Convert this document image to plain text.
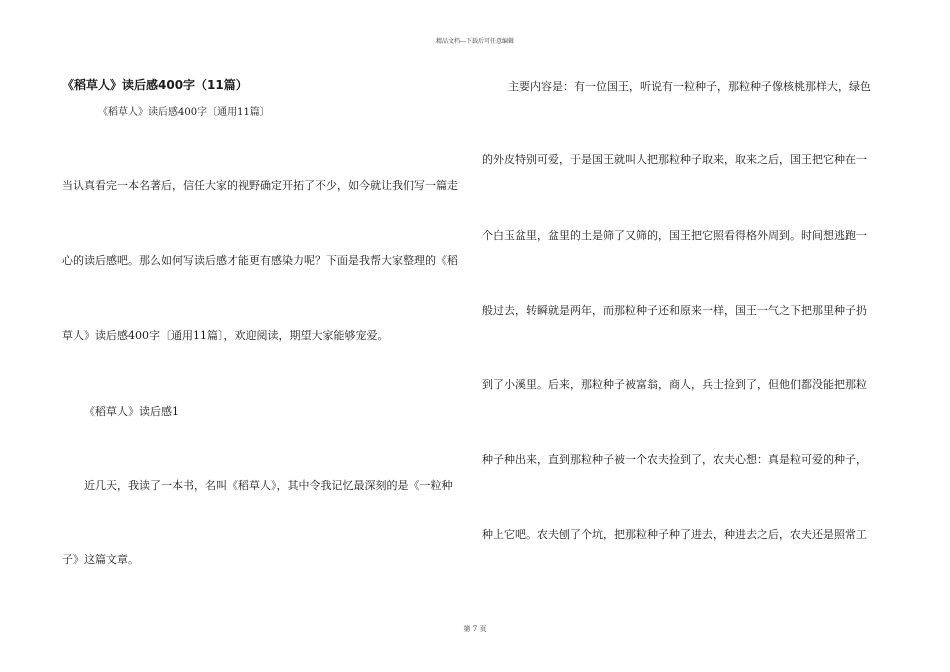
精品文档---下载后可任意编辑
《稻草人》读后感400字（11篇）
《稻草人》读后感400字〔通用11篇〕
当认真看完一本名著后，信任大家的视野确定开拓了不少，如今就让我们写一篇走
心的读后感吧。那么如何写读后感才能更有感染力呢？下面是我帮大家整理的《稻
草人》读后感400字〔通用11篇〕，欢迎阅读，期望大家能够宠爱。
《稻草人》读后感1
近几天，我读了一本书，名叫《稻草人》，其中令我记忆最深刻的是《一粒种
子》这篇文章。
主要内容是：有一位国王，听说有一粒种子，那粒种子像核桃那样大，绿色
的外皮特别可爱，于是国王就叫人把那粒种子取来，取来之后，国王把它种在一
个白玉盆里，盆里的土是筛了又筛的，国王把它照看得格外周到。时间想逃跑一
般过去，转瞬就是两年，而那粒种子还和原来一样，国王一气之下把那里种子扔
到了小溪里。后来，那粒种子被富翁，商人，兵士捡到了，但他们都没能把那粒
种子种出来，直到那粒种子被一个农夫捡到了，农夫心想：真是粒可爱的种子，
种上它吧。农夫刨了个坑，把那粒种子种了进去，种进去之后，农夫还是照常工
第 7 页
